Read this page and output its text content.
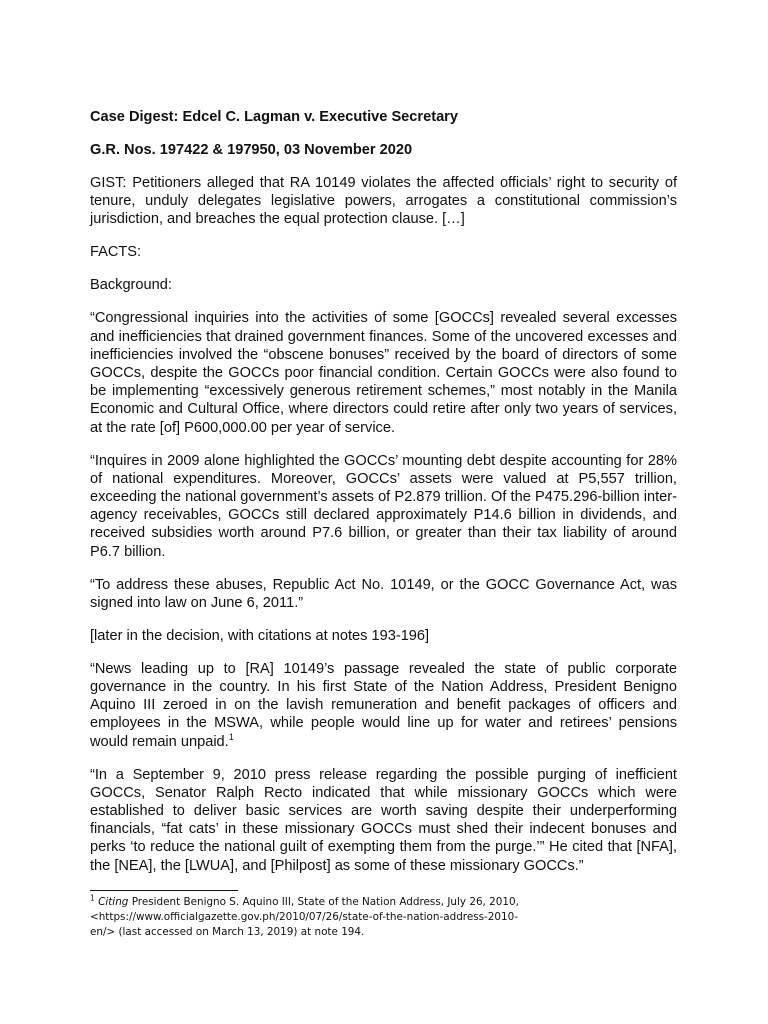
Case Digest: Edcel C. Lagman v. Executive Secretary

G.R. Nos. 197422 & 197950, 03 November 2020

GIST: Petitioners alleged that RA 10149 violates the affected officials’ right to security of tenure, unduly delegates legislative powers, arrogates a constitutional commission’s jurisdiction, and breaches the equal protection clause. […]

FACTS:

Background:

“Congressional inquiries into the activities of some [GOCCs] revealed several excesses and inefficiencies that drained government finances. Some of the uncovered excesses and inefficiencies involved the “obscene bonuses” received by the board of directors of some GOCCs, despite the GOCCs poor financial condition. Certain GOCCs were also found to be implementing “excessively generous retirement schemes,” most notably in the Manila Economic and Cultural Office, where directors could retire after only two years of services, at the rate [of] P600,000.00 per year of service.

“Inquires in 2009 alone highlighted the GOCCs’ mounting debt despite accounting for 28% of national expenditures. Moreover, GOCCs’ assets were valued at P5,557 trillion, exceeding the national government’s assets of P2.879 trillion. Of the P475.296-billion inter-agency receivables, GOCCs still declared approximately P14.6 billion in dividends, and received subsidies worth around P7.6 billion, or greater than their tax liability of around P6.7 billion.

“To address these abuses, Republic Act No. 10149, or the GOCC Governance Act, was signed into law on June 6, 2011.”

[later in the decision, with citations at notes 193-196]

“News leading up to [RA] 10149’s passage revealed the state of public corporate governance in the country. In his first State of the Nation Address, President Benigno Aquino III zeroed in on the lavish remuneration and benefit packages of officers and employees in the MSWA, while people would line up for water and retirees’ pensions would remain unpaid.$^1$

“In a September 9, 2010 press release regarding the possible purging of inefficient GOCCs, Senator Ralph Recto indicated that while missionary GOCCs which were established to deliver basic services are worth saving despite their underperforming financials, “fat cats’ in these missionary GOCCs must shed their indecent bonuses and perks ‘to reduce the national guilt of exempting them from the purge.’” He cited that [NFA], the [NEA], the [LWUA], and [Philpost] as some of these missionary GOCCs.”

$^1$ Citing President Benigno S. Aquino III, State of the Nation Address, July 26, 2010, <https://www.officialgazette.gov.ph/2010/07/26/state-of-the-nation-address-2010-en/> (last accessed on March 13, 2019) at note 194.
